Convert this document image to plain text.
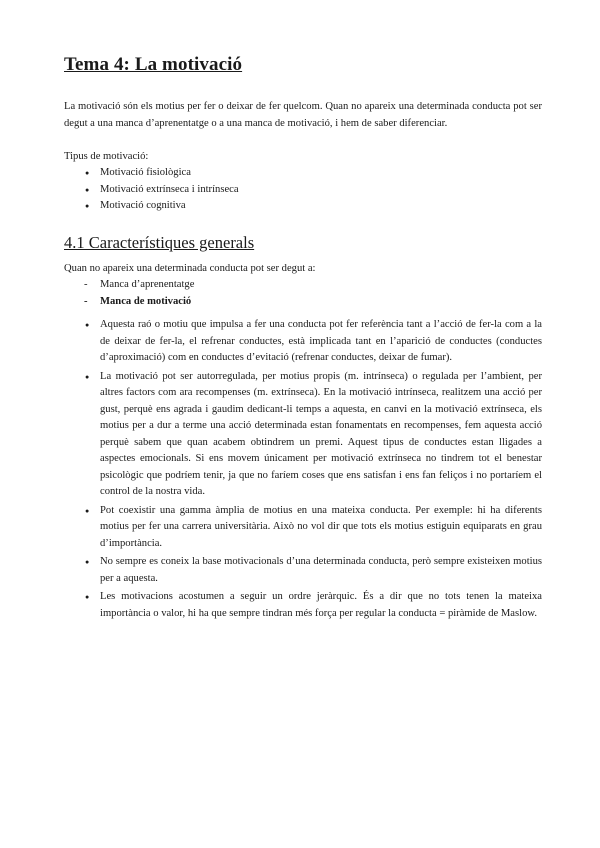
Tema 4: La motivació

La motivació són els motius per fer o deixar de fer quelcom. Quan no apareix una determinada conducta pot ser degut a una manca d’aprenentatge o a una manca de motivació, i hem de saber diferenciar.

Tipus de motivació:

● Motivació fisiològica
● Motivació extrínseca i intrínseca
● Motivació cognitiva
4.1 Característiques generals

Quan no apareix una determinada conducta pot ser degut a:

- Manca d’aprenentatge
- Manca de motivació
● Aquesta raó o motiu que impulsa a fer una conducta pot fer referència tant a l’acció de fer-la com a la de deixar de fer-la, el refrenar conductes, està implicada tant en l’aparició de conductes (conductes d’aproximació) com en conductes d’evitació (refrenar conductes, deixar de fumar).
● La motivació pot ser autorregulada, per motius propis (m. intrínseca) o regulada per l’ambient, per altres factors com ara recompenses (m. extrínseca). En la motivació intrínseca, realitzem una acció per gust, perquè ens agrada i gaudim dedicant-li temps a aquesta, en canvi en la motivació extrínseca, els motius per a dur a terme una acció determinada estan fonamentats en recompenses, fem aquesta acció perquè sabem que quan acabem obtindrem un premi. Aquest tipus de conductes estan lligades a aspectes emocionals. Si ens movem únicament per motivació extrínseca no tindrem tot el benestar psicològic que podríem tenir, ja que no faríem coses que ens satisfan i ens fan feliços i no portaríem el control de la nostra vida.
● Pot coexistir una gamma àmplia de motius en una mateixa conducta. Per exemple: hi ha diferents motius per fer una carrera universitària. Això no vol dir que tots els motius estiguin equiparats en grau d’importància.
● No sempre es coneix la base motivacionals d’una determinada conducta, però sempre existeixen motius per a aquesta.
● Les motivacions acostumen a seguir un ordre jeràrquic. És a dir que no tots tenen la mateixa importància o valor, hi ha que sempre tindran més força per regular la conducta = piràmide de Maslow.
